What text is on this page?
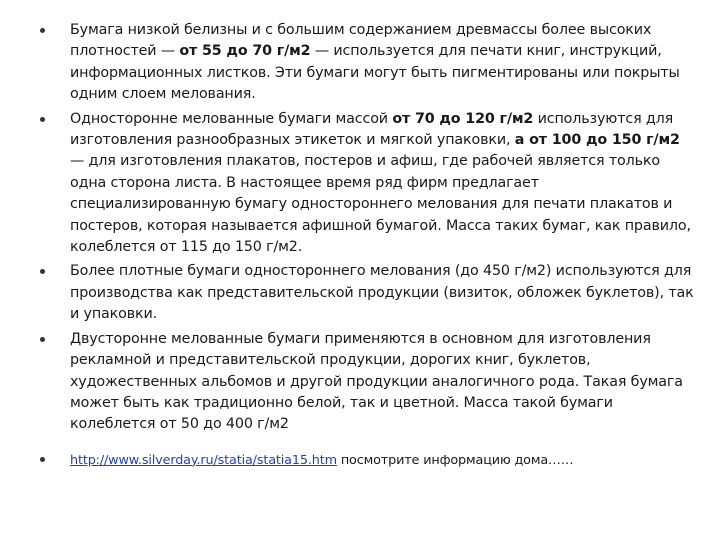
Бумага низкой белизны и с большим содержанием древмассы более высоких плотностей — от 55 до 70 г/м2 — используется для печати книг, инструкций, информационных листков. Эти бумаги могут быть пигментированы или покрыты одним слоем мелования.
Односторонне мелованные бумаги массой от 70 до 120 г/м2 используются для изготовления разнообразных этикеток и мягкой упаковки, а от 100 до 150 г/м2 — для изготовления плакатов, постеров и афиш, где рабочей является только одна сторона листа. В настоящее время ряд фирм предлагает специализированную бумагу одностороннего мелования для печати плакатов и постеров, которая называется афишной бумагой. Масса таких бумаг, как правило, колеблется от 115 до 150 г/м2.
Более плотные бумаги одностороннего мелования (до 450 г/м2) используются для производства как представительской продукции (визиток, обложек буклетов), так и упаковки.
Двусторонне мелованные бумаги применяются в основном для изготовления рекламной и представительской продукции, дорогих книг, буклетов, художественных альбомов и другой продукции аналогичного рода. Такая бумага может быть как традиционно белой, так и цветной. Масса такой бумаги колеблется от 50 до 400 г/м2
http://www.silverday.ru/statia/statia15.htm посмотрите информацию дома……
